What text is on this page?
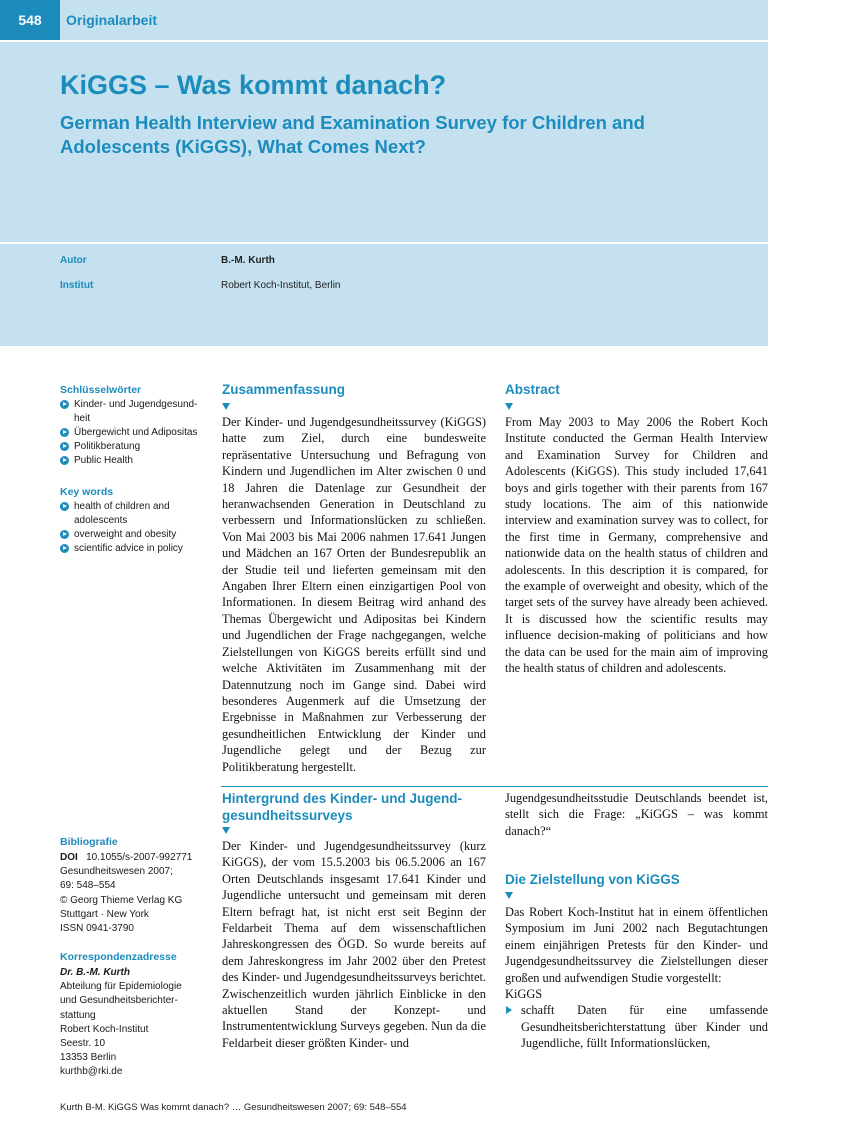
548	Originalarbeit
KiGGS – Was kommt danach?
German Health Interview and Examination Survey for Children and Adolescents (KiGGS), What Comes Next?
Autor	B.-M. Kurth
Institut	Robert Koch-Institut, Berlin
Schlüsselwörter
Kinder- und Jugendgesund-heit
Übergewicht und Adipositas
Politikberatung
Public Health
Key words
health of children and adolescents
overweight and obesity
scientific advice in policy
Zusammenfassung
Der Kinder- und Jugendgesundheitssurvey (KiGGS) hatte zum Ziel, durch eine bundesweite repräsentative Untersuchung und Befragung von Kindern und Jugendlichen im Alter zwischen 0 und 18 Jahren die Datenlage zur Gesundheit der heranwachsenden Generation in Deutschland zu verbessern und Informationslücken zu schließen. Von Mai 2003 bis Mai 2006 nahmen 17.641 Jungen und Mädchen an 167 Orten der Bundesrepublik an der Studie teil und lieferten gemeinsam mit den Angaben Ihrer Eltern einen einzigartigen Pool von Informationen. In diesem Beitrag wird anhand des Themas Übergewicht und Adipositas bei Kindern und Jugendlichen der Frage nachgegangen, welche Zielstellungen von KiGGS bereits erfüllt sind und welche Aktivitäten im Zusammenhang mit der Datennutzung noch im Gange sind. Dabei wird besonderes Augenmerk auf die Umsetzung der Ergebnisse in Maßnahmen zur Verbesserung der gesundheitlichen Entwicklung der Kinder und Jugendliche gelegt und der Bezug zur Politikberatung hergestellt.
Abstract
From May 2003 to May 2006 the Robert Koch Institute conducted the German Health Interview and Examination Survey for Children and Adolescents (KiGGS). This study included 17,641 boys and girls together with their parents from 167 study locations. The aim of this nationwide interview and examination survey was to collect, for the first time in Germany, comprehensive and nationwide data on the health status of children and adolescents. In this description it is compared, for the example of overweight and obesity, which of the target sets of the survey have already been achieved. It is discussed how the scientific results may influence decision-making of politicians and how the data can be used for the main aim of improving the health status of children and adolescents.
Hintergrund des Kinder- und Jugend-gesundheitssurveys
Der Kinder- und Jugendgesundheitssurvey (kurz KiGGS), der vom 15.5.2003 bis 06.5.2006 an 167 Orten Deutschlands insgesamt 17.641 Kinder und Jugendliche untersucht und gemeinsam mit deren Eltern befragt hat, ist nicht erst seit Beginn der Feldarbeit Thema auf dem wissenschaftlichen Jahreskongressen des ÖGD. So wurde bereits auf dem Jahreskongress im Jahr 2002 über den Pretest des Kinder- und Jugendgesundheitssurveys berichtet. Zwischenzeitlich wurden jährlich Einblicke in den aktuellen Stand der Konzept- und Instrumententwicklung Surveys gegeben. Nun da die Feldarbeit dieser größten Kinder- und
Jugendgesundheitsstudie Deutschlands beendet ist, stellt sich die Frage: „KiGGS – was kommt danach?“
Die Zielstellung von KiGGS
Das Robert Koch-Institut hat in einem öffentlichen Symposium im Juni 2002 nach Begutachtungen einem einjährigen Pretests für den Kinder- und Jugendgesundheitssurvey die Zielstellungen dieser großen und aufwendigen Studie vorgestellt:
KiGGS
schafft Daten für eine umfassende Gesundheitsberichterstattung über Kinder und Jugendliche, füllt Informationslücken,
Bibliografie
DOI 10.1055/s-2007-992771
Gesundheitswesen 2007;
69: 548–554
© Georg Thieme Verlag KG
Stuttgart · New York
ISSN 0941-3790
Korrespondenzadresse
Dr. B.-M. Kurth
Abteilung für Epidemiologie
und Gesundheitsberichter-
stattung
Robert Koch-Institut
Seestr. 10
13353 Berlin
kurthb@rki.de
Kurth B-M. KiGGS Was kommt danach? … Gesundheitswesen 2007; 69: 548–554
